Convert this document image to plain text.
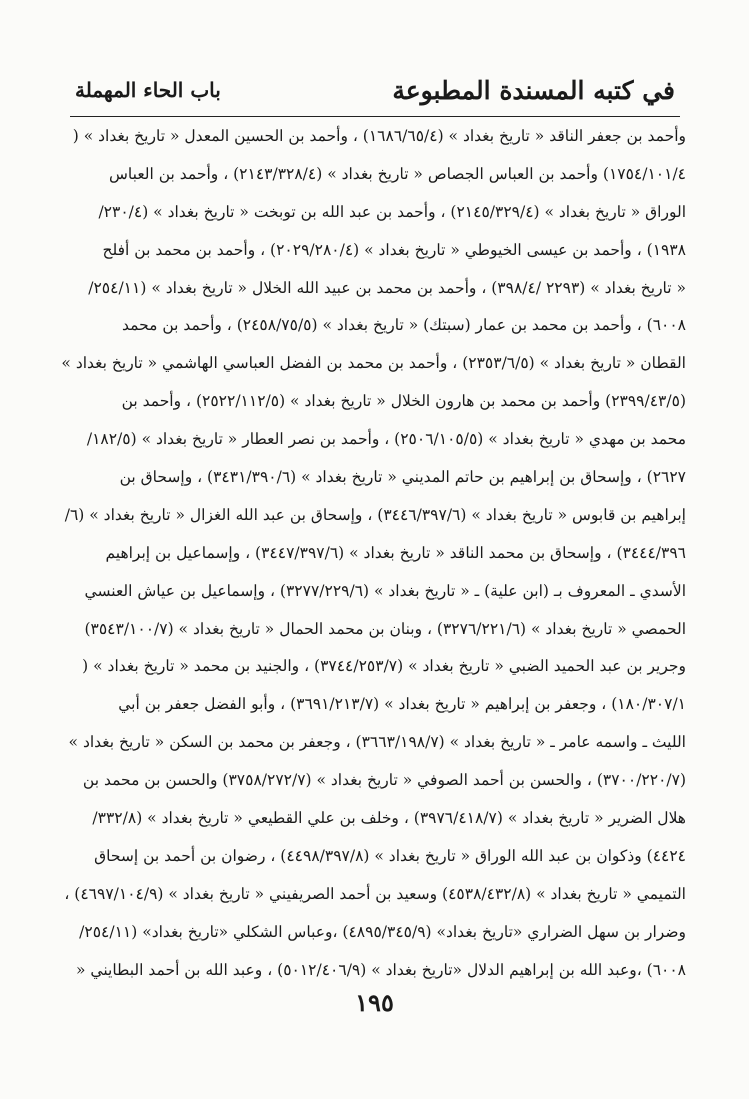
في كتبه المسندة المطبوعة
باب الحاء المهملة
وأحمد بن جعفر الناقد « تاريخ بغداد » (١٦٨٦/٦٥/٤) ، وأحمد بن الحسين المعدل « تاريخ بغداد » (
١٧٥٤/١٠١/٤) وأحمد بن العباس الجصاص « تاريخ بغداد » (٢١٤٣/٣٢٨/٤) ، وأحمد بن العباس
الوراق « تاريخ بغداد » (٢١٤٥/٣٢٩/٤) ، وأحمد بن عبد الله بن توبخت « تاريخ بغداد » (٢٣٠/٤/
١٩٣٨) ، وأحمد بن عيسى الخيوطي « تاريخ بغداد » (٢٠٢٩/٢٨٠/٤) ، وأحمد بن محمد بن أفلح
« تاريخ بغداد » (٢٢٩٣ /٣٩٨/٤) ، وأحمد بن محمد بن عبيد الله الخلال « تاريخ بغداد » (٢٥٤/١١/
٦٠٠٨) ، وأحمد بن محمد بن عمار (سبتك) « تاريخ بغداد » (٢٤٥٨/٧٥/٥) ، وأحمد بن محمد
القطان « تاريخ بغداد » (٢٣٥٣/٦/٥) ، وأحمد بن محمد بن الفضل العباسي الهاشمي « تاريخ بغداد »
(٢٣٩٩/٤٣/٥) وأحمد بن محمد بن هارون الخلال « تاريخ بغداد » (٢٥٢٢/١١٢/٥) ، وأحمد بن
محمد بن مهدي « تاريخ بغداد » (٢٥٠٦/١٠٥/٥) ، وأحمد بن نصر العطار « تاريخ بغداد » (١٨٢/٥/
٢٦٢٧) ، وإسحاق بن إبراهيم بن حاتم المديني « تاريخ بغداد » (٣٤٣١/٣٩٠/٦) ، وإسحاق بن
إبراهيم بن قابوس « تاريخ بغداد » (٣٤٤٦/٣٩٧/٦) ، وإسحاق بن عبد الله الغزال « تاريخ بغداد » (٦/
٣٤٤٤/٣٩٦) ، وإسحاق بن محمد الناقد « تاريخ بغداد » (٣٤٤٧/٣٩٧/٦) ، وإسماعيل بن إبراهيم
الأسدي ـ المعروف بـ (ابن علية) ـ « تاريخ بغداد » (٣٢٧٧/٢٢٩/٦) ، وإسماعيل بن عياش العنسي
الحمصي « تاريخ بغداد » (٣٢٧٦/٢٢١/٦) ، وبنان بن محمد الحمال « تاريخ بغداد » (٣٥٤٣/١٠٠/٧)
وجرير بن عبد الحميد الضبي « تاريخ بغداد » (٣٧٤٤/٢٥٣/٧) ، والجنيد بن محمد « تاريخ بغداد » (
١٨٠/٣٠٧/١) ، وجعفر بن إبراهيم « تاريخ بغداد » (٣٦٩١/٢١٣/٧) ، وأبو الفضل جعفر بن أبي
الليث ـ واسمه عامر ـ « تاريخ بغداد » (٣٦٦٣/١٩٨/٧) ، وجعفر بن محمد بن السكن « تاريخ بغداد »
(٣٧٠٠/٢٢٠/٧) ، والحسن بن أحمد الصوفي « تاريخ بغداد » (٣٧٥٨/٢٧٢/٧) والحسن بن محمد بن
هلال الضرير « تاريخ بغداد » (٣٩٧٦/٤١٨/٧) ، وخلف بن علي القطيعي « تاريخ بغداد » (٣٣٢/٨/
٤٤٢٤) وذكوان بن عبد الله الوراق « تاريخ بغداد » (٤٤٩٨/٣٩٧/٨) ، رضوان بن أحمد بن إسحاق
التميمي « تاريخ بغداد » (٤٥٣٨/٤٣٢/٨) وسعيد بن أحمد الصريفيني « تاريخ بغداد » (٤٦٩٧/١٠٤/٩) ،
وضرار بن سهل الضراري «تاريخ بغداد» (٤٨٩٥/٣٤٥/٩) ،وعباس الشكلي «تاريخ بغداد» (٢٥٤/١١/
٦٠٠٨) ،وعبد الله بن إبراهيم الدلال «تاريخ بغداد » (٥٠١٢/٤٠٦/٩) ، وعبد الله بن أحمد البطايني «
١٩٥
